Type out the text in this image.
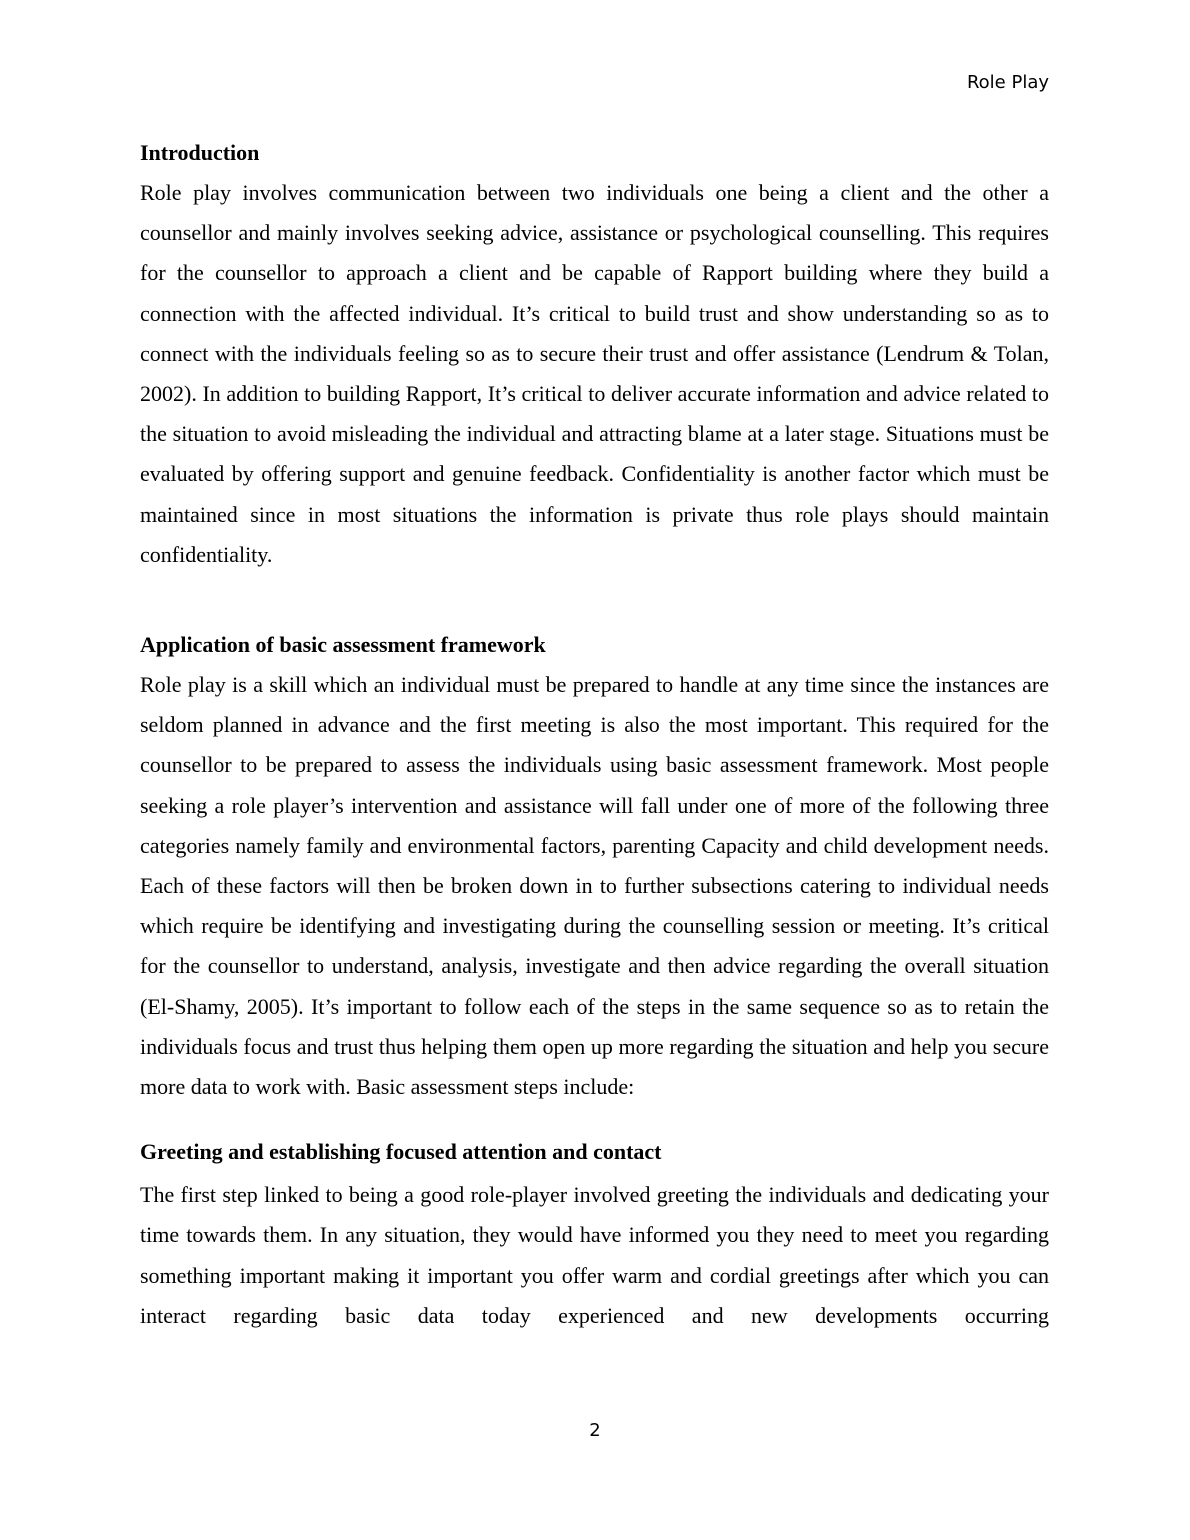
Role Play
Introduction

Role play involves communication between two individuals one being a client and the other a counsellor and mainly involves seeking advice, assistance or psychological counselling. This requires for the counsellor to approach a client and be capable of Rapport building where they build a connection with the affected individual. It’s critical to build trust and show understanding so as to connect with the individuals feeling so as to secure their trust and offer assistance (Lendrum & Tolan, 2002). In addition to building Rapport, It’s critical to deliver accurate information and advice related to the situation to avoid misleading the individual and attracting blame at a later stage. Situations must be evaluated by offering support and genuine feedback. Confidentiality is another factor which must be maintained since in most situations the information is private thus role plays should maintain confidentiality.

Application of basic assessment framework

Role play is a skill which an individual must be prepared to handle at any time since the instances are seldom planned in advance and the first meeting is also the most important. This required for the counsellor to be prepared to assess the individuals using basic assessment framework. Most people seeking a role player’s intervention and assistance will fall under one of more of the following three categories namely family and environmental factors, parenting Capacity and child development needs. Each of these factors will then be broken down in to further subsections catering to individual needs which require be identifying and investigating during the counselling session or meeting. It’s critical for the counsellor to understand, analysis, investigate and then advice regarding the overall situation (El-Shamy, 2005). It’s important to follow each of the steps in the same sequence so as to retain the individuals focus and trust thus helping them open up more regarding the situation and help you secure more data to work with. Basic assessment steps include:

Greeting and establishing focused attention and contact

The first step linked to being a good role-player involved greeting the individuals and dedicating your time towards them. In any situation, they would have informed you they need to meet you regarding something important making it important you offer warm and cordial greetings after which you can interact regarding basic data today experienced and new developments occurring

2
